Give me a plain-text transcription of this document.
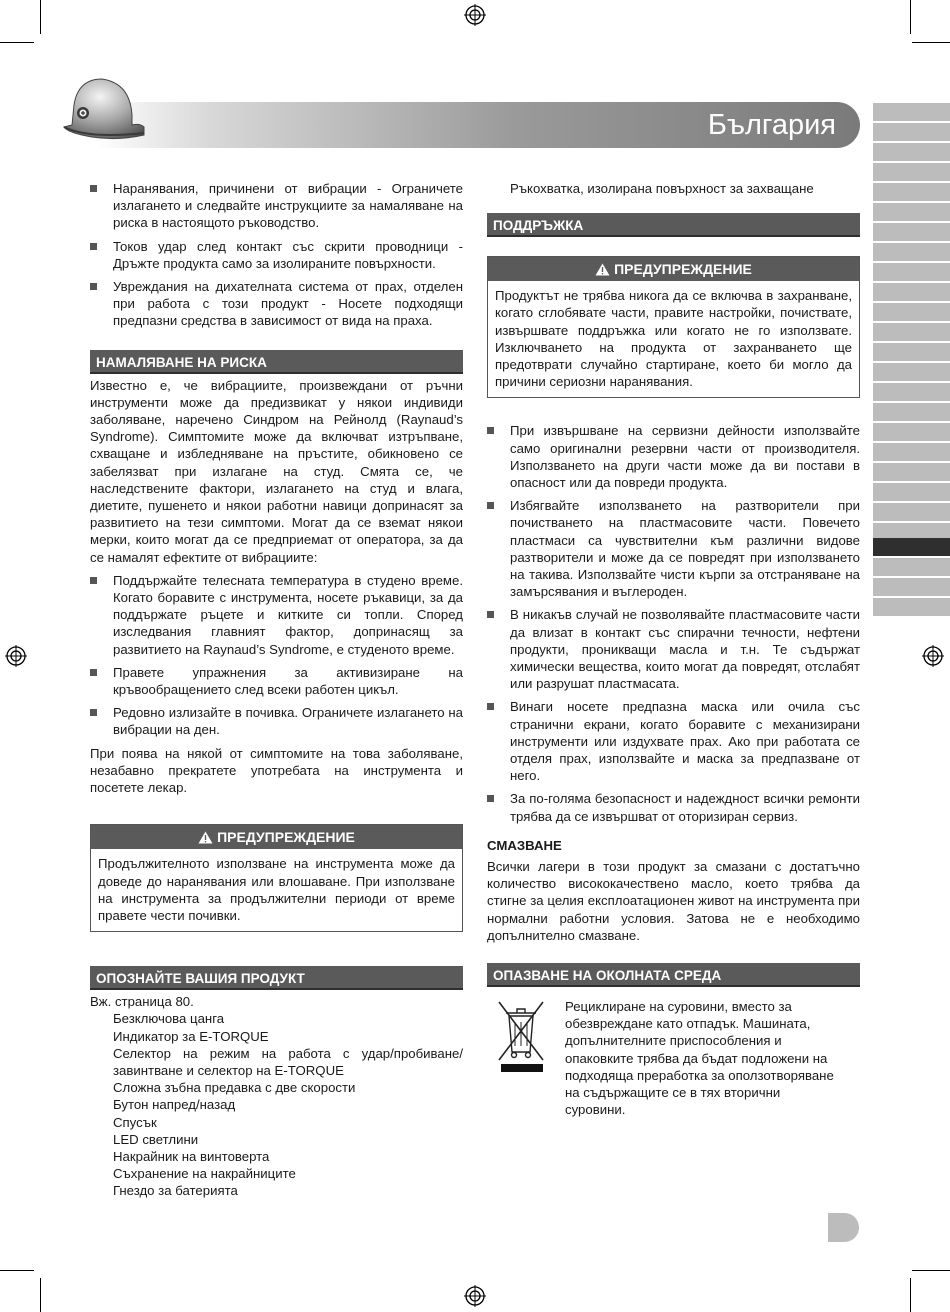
България
Наранявания, причинени от вибрации - Ограничете излагането и следвайте инструкциите за намаляване на риска в настоящото ръководство.
Токов удар след контакт със скрити проводници - Дръжте продукта само за изолираните повърхности.
Увреждания на дихателната система от прах, отделен при работа с този продукт - Носете подходящи предпазни средства в зависимост от вида на праха.
НАМАЛЯВАНЕ НА РИСКА

Известно е, че вибрациите, произвеждани от ръчни инструменти може да предизвикат у някои индивиди заболяване, наречено Синдром на Рейнолд (Raynaud’s Syndrome). Симптомите може да включват изтръпване, схващане и избледняване на пръстите, обикновено се забелязват при излагане на студ. Смята се, че наследствените фактори, излагането на студ и влага, диетите, пушенето и някои работни навици допринасят за развитието на тези симптоми. Могат да се вземат някои мерки, които могат да се предприемат от оператора, за да се намалят ефектите от вибрациите:

Поддържайте телесната температура в студено време. Когато боравите с инструмента, носете ръкавици, за да поддържате ръцете и китките си топли. Според изследвания главният фактор, допринасящ за развитието на Raynaud’s Syndrome, е студеното време.
Правете упражнения за активизиране на кръвообращението след всеки работен цикъл.
Редовно излизайте в почивка. Ограничете излагането на вибрации на ден.

При поява на някой от симптомите на това заболяване, незабавно прекратете употребата на инструмента и посетете лекар.

ПРЕДУПРЕЖДЕНИЕ
Продължителното използване на инструмента може да доведе до наранявания или влошаване. При използване на инструмента за продължителни периоди от време правете чести почивки.
ОПОЗНАЙТЕ ВАШИЯ ПРОДУКТ
Вж. страница 80.
Безключова цанга
Индикатор за E-TORQUE
Селектор на режим на работа с удар/пробиване/завинтване и селектор на E-TORQUE
Сложна зъбна предавка с две скорости
Бутон напред/назад
Спусък
LED светлини
Накрайник на винтоверта
Съхранение на накрайниците
Гнездо за батерията
Ръкохватка, изолирана повърхност за захващане
ПОДДРЪЖКА
ПРЕДУПРЕЖДЕНИЕ
Продуктът не трябва никога да се включва в захранване, когато сглобявате части, правите настройки, почиствате, извършвате поддръжка или когато не го използвате. Изключването на продукта от захранването ще предотврати случайно стартиране, което би могло да причини сериозни наранявания.
При извършване на сервизни дейности използвайте само оригинални резервни части от производителя. Използването на други части може да ви постави в опасност или да повреди продукта.
Избягвайте използването на разтворители при почистването на пластмасовите части. Повечето пластмаси са чувствителни към различни видове разтворители и може да се повредят при използването на такива. Използвайте чисти кърпи за отстраняване на замърсявания и въглероден.
В никакъв случай не позволявайте пластмасовите части да влизат в контакт със спирачни течности, нефтени продукти, проникващи масла и т.н. Те съдържат химически вещества, които могат да повредят, отслабят или разрушат пластмасата.
Винаги носете предпазна маска или очила със странични екрани, когато боравите с механизирани инструменти или издухвате прах. Ако при работата се отделя прах, използвайте и маска за предпазване от него.
За по-голяма безопасност и надеждност всички ремонти трябва да се извършват от оторизиран сервиз.
СМАЗВАНЕ

Всички лагери в този продукт за смазани с достатъчно количество висококачествено масло, което трябва да стигне за целия експлоатационен живот на инструмента при нормални работни условия. Затова не е необходимо допълнително смазване.

ОПАЗВАНЕ НА ОКОЛНАТА СРЕДА

Рециклиране на суровини, вместо за обезвреждане като отпадък. Машината, допълнителните приспособления и опаковките трябва да бъдат подложени на подходяща преработка за оползотворяване на съдържащите се в тях вторични суровини.
